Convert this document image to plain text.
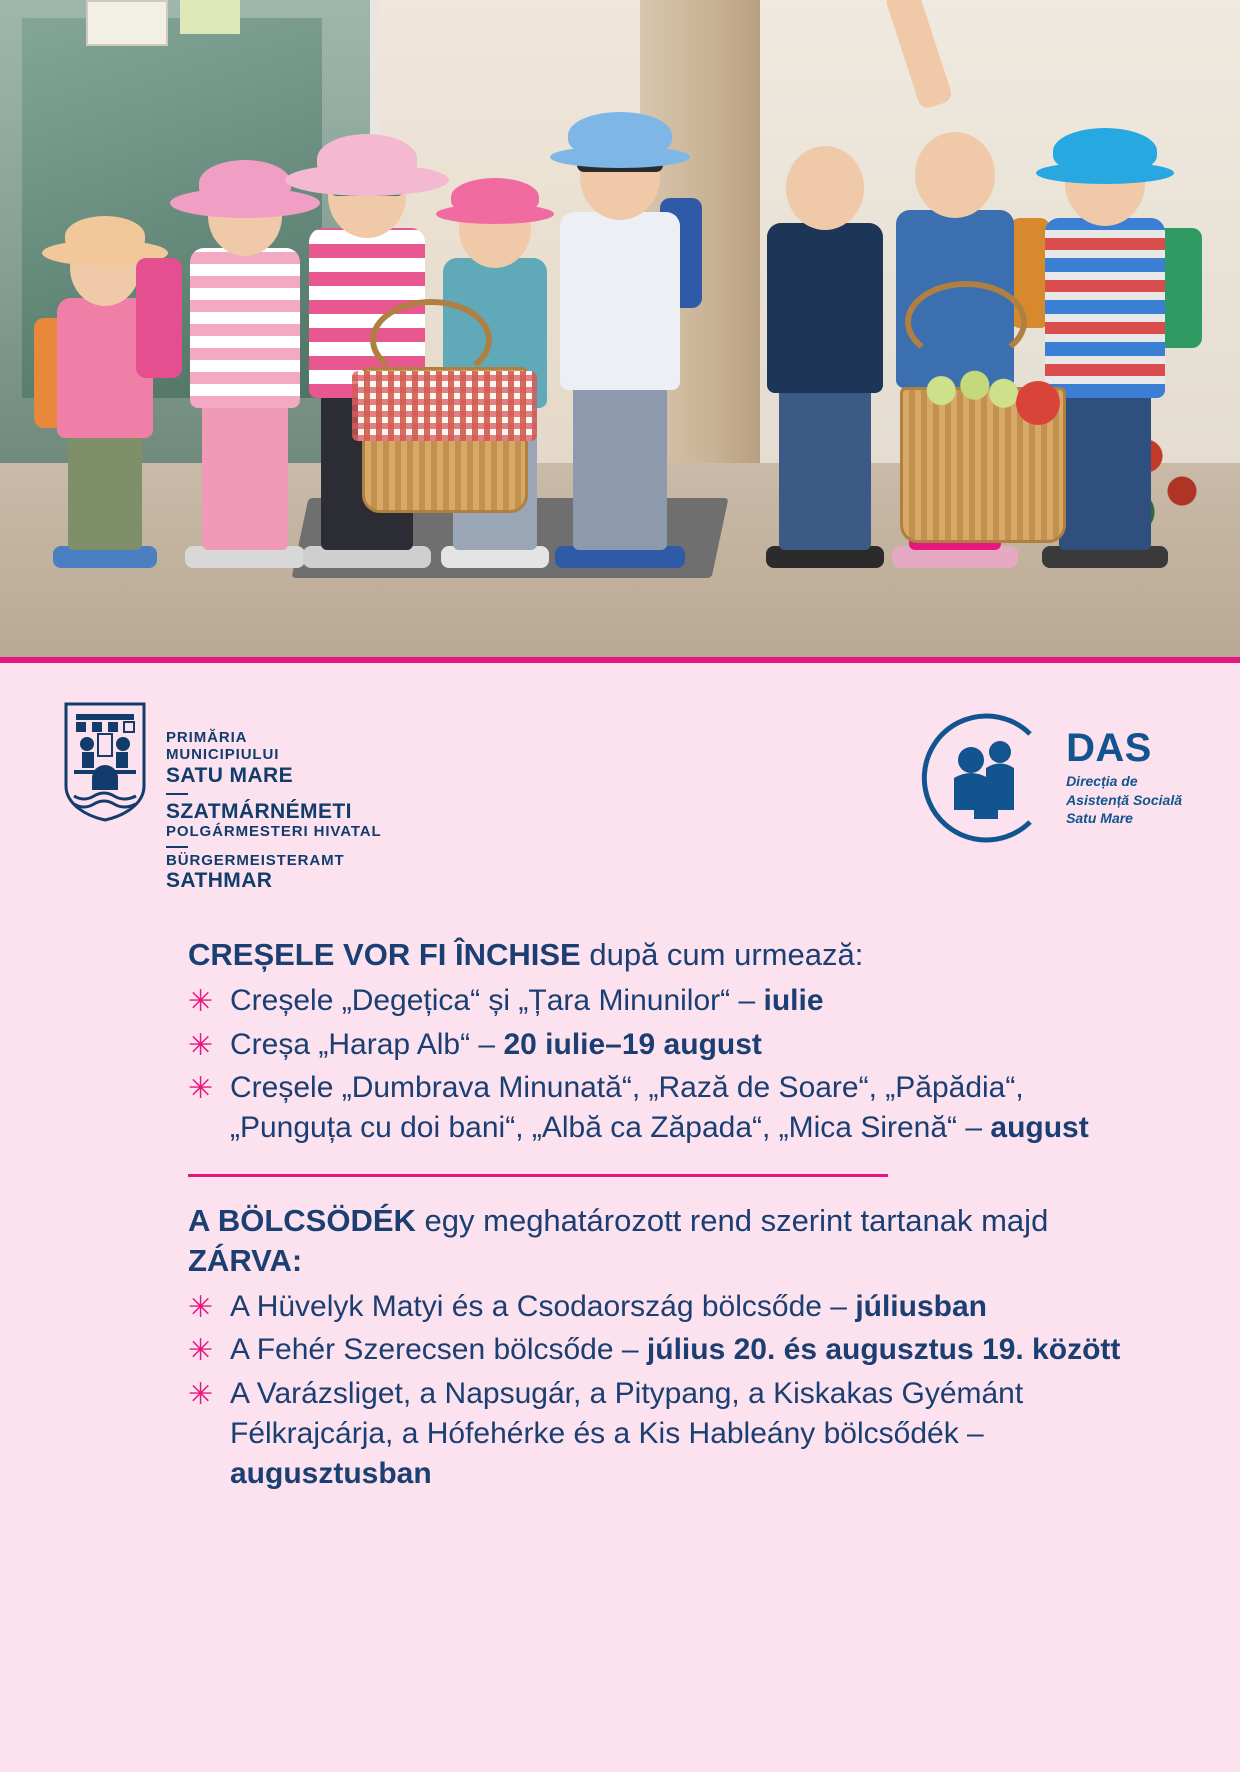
PRIMĂRIA
MUNICIPIULUI
SATU MARE
SZATMÁRNÉMETI
POLGÁRMESTERI HIVATAL
BÜRGERMEISTERAMT
SATHMAR
DAS
Direcția de
Asistență Socială
Satu Mare
CREȘELE VOR FI ÎNCHISE după cum urmează:
✳ Creșele „Degețica“ și „Țara Minunilor“ – iulie
✳ Creșa „Harap Alb“ – 20 iulie–19 august
✳ Creșele „Dumbrava Minunată“, „Rază de Soare“, „Păpădia“, „Punguța cu doi bani“, „Albă ca Zăpada“, „Mica Sirenă“ – august
A BÖLCSÖDÉK egy meghatározott rend szerint tartanak majd ZÁRVA:
✳ A Hüvelyk Matyi és a Csodaország bölcsőde – júliusban
✳ A Fehér Szerecsen bölcsőde – július 20. és augusztus 19. között
✳ A Varázsliget, a Napsugár, a Pitypang, a Kiskakas Gyémánt Félkrajcárja, a Hófehérke és a Kis Hableány bölcsődék – augusztusban
